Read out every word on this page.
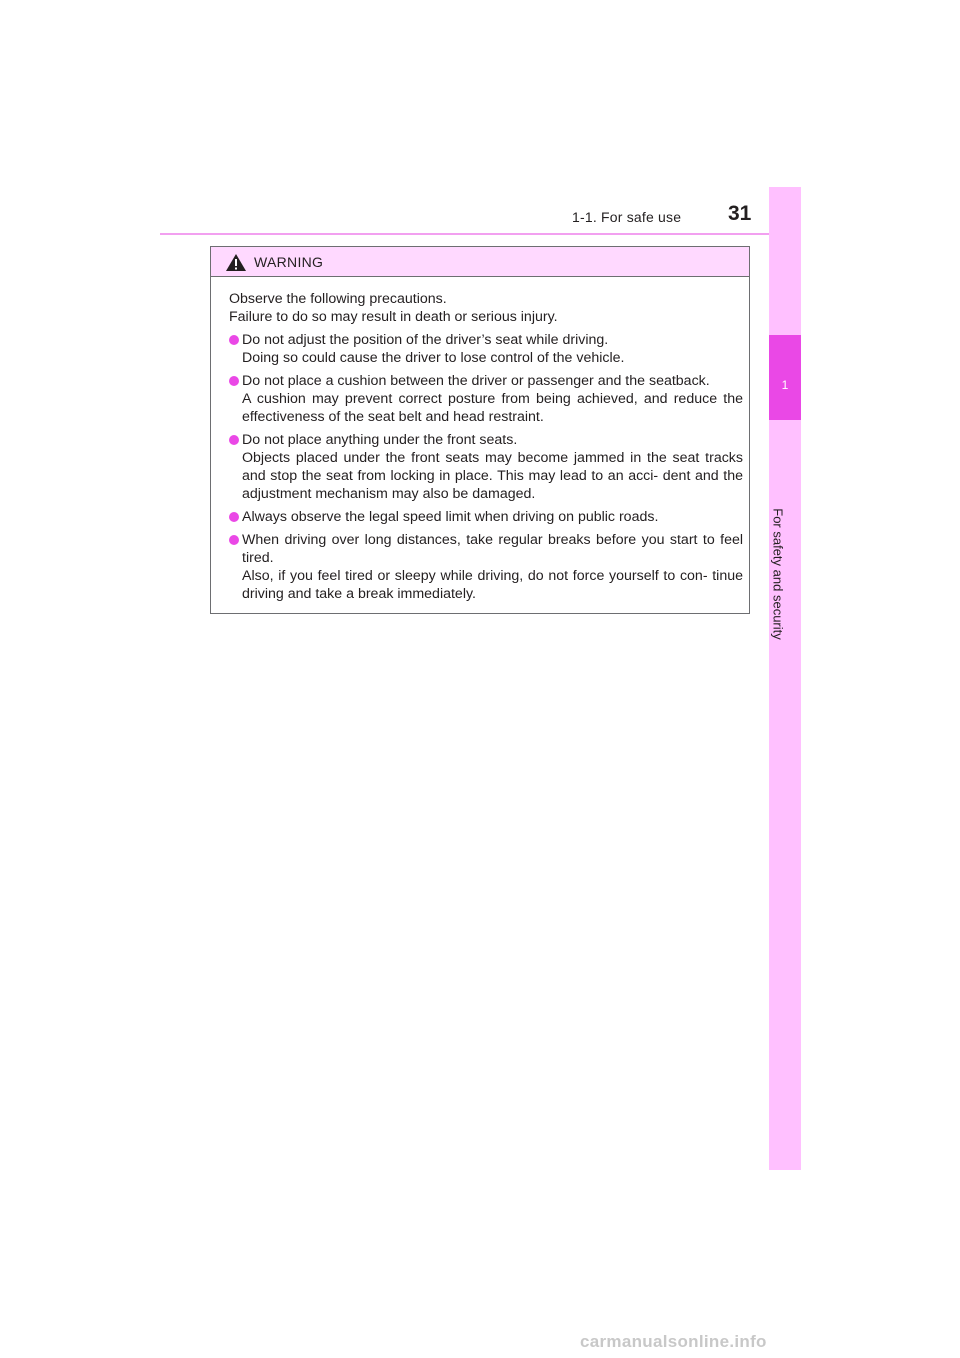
1-1. For safe use 31
1
For safety and security
WARNING

Observe the following precautions.

Failure to do so may result in death or serious injury.

Do not adjust the position of the driver’s seat while driving.

Doing so could cause the driver to lose control of the vehicle.

Do not place a cushion between the driver or passenger and the seatback.

A cushion may prevent correct posture from being achieved, and reduce the effectiveness of the seat belt and head restraint.

Do not place anything under the front seats.

Objects placed under the front seats may become jammed in the seat tracks and stop the seat from locking in place. This may lead to an acci- dent and the adjustment mechanism may also be damaged.

Always observe the legal speed limit when driving on public roads.

When driving over long distances, take regular breaks before you start to feel tired.

Also, if you feel tired or sleepy while driving, do not force yourself to con- tinue driving and take a break immediately.

carmanualsonline.info
